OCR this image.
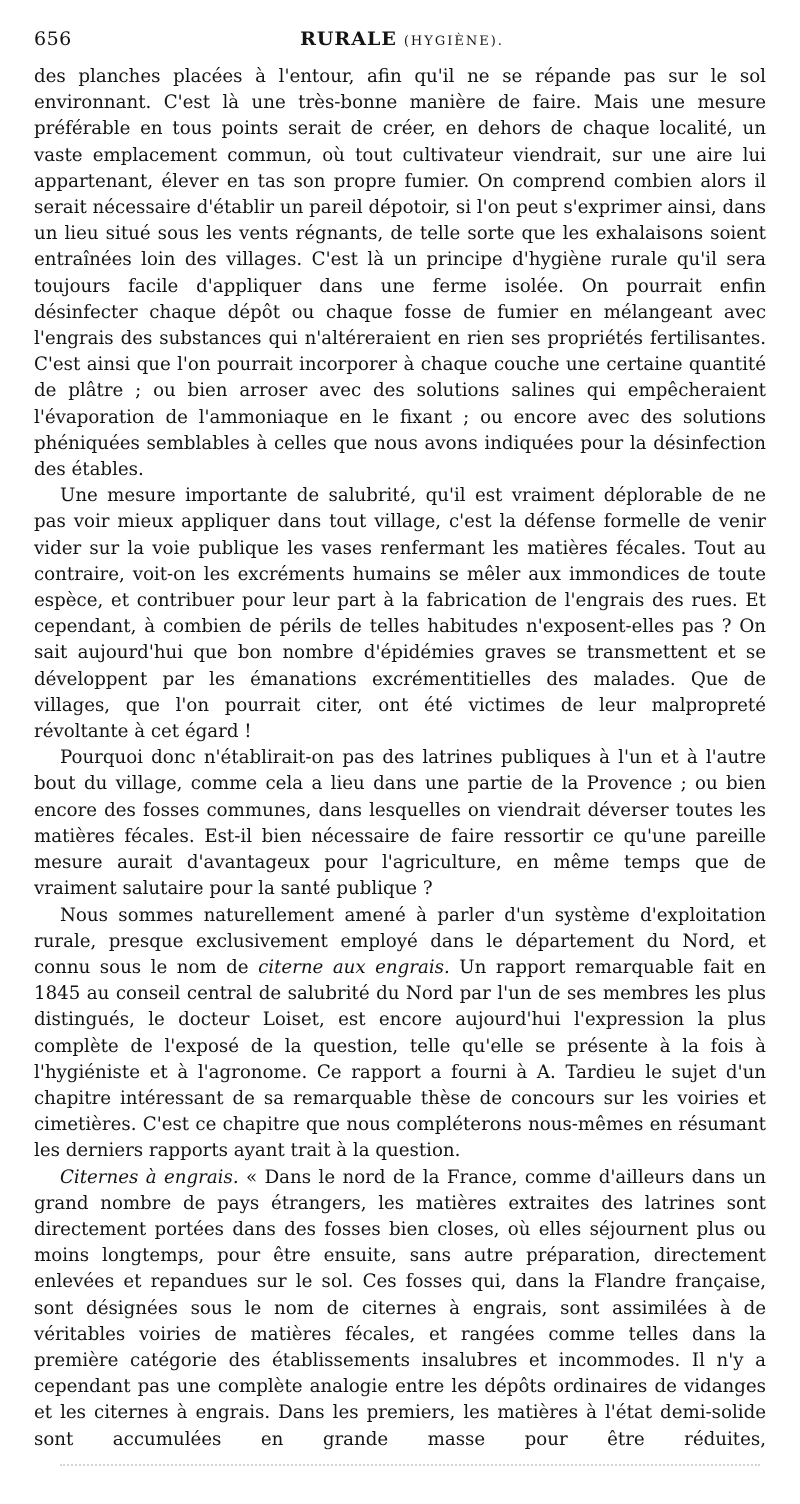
656	RURALE (HYGIÈNE).

des planches placées à l'entour, afin qu'il ne se répande pas sur le sol environnant. C'est là une très-bonne manière de faire. Mais une mesure préférable en tous points serait de créer, en dehors de chaque localité, un vaste emplacement commun, où tout cultivateur viendrait, sur une aire lui appartenant, élever en tas son propre fumier. On comprend combien alors il serait nécessaire d'établir un pareil dépotoir, si l'on peut s'exprimer ainsi, dans un lieu situé sous les vents régnants, de telle sorte que les exhalaisons soient entraînées loin des villages. C'est là un principe d'hygiène rurale qu'il sera toujours facile d'appliquer dans une ferme isolée. On pourrait enfin désinfecter chaque dépôt ou chaque fosse de fumier en mélangeant avec l'engrais des substances qui n'altéreraient en rien ses propriétés fertilisantes. C'est ainsi que l'on pourrait incorporer à chaque couche une certaine quantité de plâtre ; ou bien arroser avec des solutions salines qui empêcheraient l'évaporation de l'ammoniaque en le fixant ; ou encore avec des solutions phéniquées semblables à celles que nous avons indiquées pour la désinfection des étables.

Une mesure importante de salubrité, qu'il est vraiment déplorable de ne pas voir mieux appliquer dans tout village, c'est la défense formelle de venir vider sur la voie publique les vases renfermant les matières fécales. Tout au contraire, voit-on les excréments humains se mêler aux immondices de toute espèce, et contribuer pour leur part à la fabrication de l'engrais des rues. Et cependant, à combien de périls de telles habitudes n'exposent-elles pas ? On sait aujourd'hui que bon nombre d'épidémies graves se transmettent et se développent par les émanations excrémentitielles des malades. Que de villages, que l'on pourrait citer, ont été victimes de leur malpropreté révoltante à cet égard !

Pourquoi donc n'établirait-on pas des latrines publiques à l'un et à l'autre bout du village, comme cela a lieu dans une partie de la Provence ; ou bien encore des fosses communes, dans lesquelles on viendrait déverser toutes les matières fécales. Est-il bien nécessaire de faire ressortir ce qu'une pareille mesure aurait d'avantageux pour l'agriculture, en même temps que de vraiment salutaire pour la santé publique ?

Nous sommes naturellement amené à parler d'un système d'exploitation rurale, presque exclusivement employé dans le département du Nord, et connu sous le nom de citerne aux engrais. Un rapport remarquable fait en 1845 au conseil central de salubrité du Nord par l'un de ses membres les plus distingués, le docteur Loiset, est encore aujourd'hui l'expression la plus complète de l'exposé de la question, telle qu'elle se présente à la fois à l'hygiéniste et à l'agronome. Ce rapport a fourni à A. Tardieu le sujet d'un chapitre intéressant de sa remarquable thèse de concours sur les voiries et cimetières. C'est ce chapitre que nous compléterons nous-mêmes en résumant les derniers rapports ayant trait à la question.

Citernes à engrais. « Dans le nord de la France, comme d'ailleurs dans un grand nombre de pays étrangers, les matières extraites des latrines sont directement portées dans des fosses bien closes, où elles séjournent plus ou moins longtemps, pour être ensuite, sans autre préparation, directement enlevées et repandues sur le sol. Ces fosses qui, dans la Flandre française, sont désignées sous le nom de citernes à engrais, sont assimilées à de véritables voiries de matières fécales, et rangées comme telles dans la première catégorie des établissements insalubres et incommodes. Il n'y a cependant pas une complète analogie entre les dépôts ordinaires de vidanges et les citernes à engrais. Dans les premiers, les matières à l'état demi-solide sont accumulées en grande masse pour être réduites,
